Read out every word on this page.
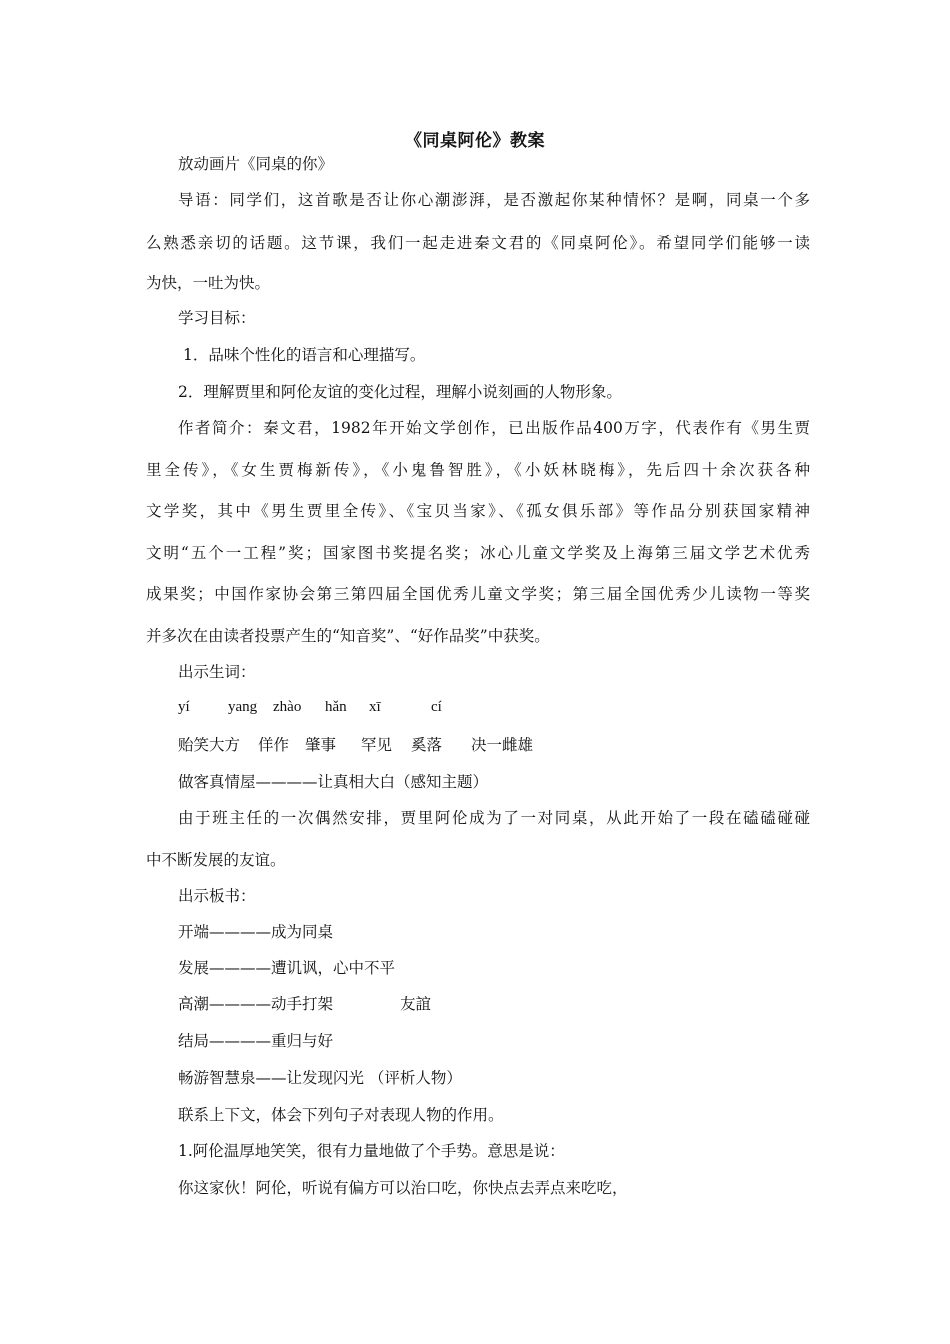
《同桌阿伦》教案
放动画片《同桌的你》
导语：同学们，这首歌是否让你心潮澎湃，是否激起你某种情怀？是啊，同桌一个多
么熟悉亲切的话题。这节课，我们一起走进秦文君的《同桌阿伦》。希望同学们能够一读
为快，一吐为快。
学习目标：
1．品味个性化的语言和心理描写。
2．理解贾里和阿伦友谊的变化过程，理解小说刻画的人物形象。
作者简介：秦文君，1982年开始文学创作，已出版作品400万字，代表作有《男生贾
里全传》，《女生贾梅新传》，《小鬼鲁智胜》，《小妖林晓梅》，先后四十余次获各种
文学奖，其中《男生贾里全传》、《宝贝当家》、《孤女俱乐部》等作品分别获国家精神
文明“五个一工程”奖；国家图书奖提名奖；冰心儿童文学奖及上海第三届文学艺术优秀
成果奖；中国作家协会第三第四届全国优秀儿童文学奖；第三届全国优秀少儿读物一等奖
并多次在由读者投票产生的“知音奖”、“好作品奖”中获奖。
出示生词：
yí	yang zhào hǎn xī	cí
贻笑大方 佯作 肇事 罕见 奚落 决一雌雄
做客真情屋————让真相大白（感知主题）
由于班主任的一次偶然安排，贾里阿伦成为了一对同桌，从此开始了一段在磕磕碰碰
中不断发展的友谊。
出示板书：
开端————成为同桌
发展————遭讥讽，心中不平
高潮————动手打架	友誼
结局————重归与好
畅游智慧泉——让发现闪光 （评析人物）
联系上下文，体会下列句子对表现人物的作用。
1.阿伦温厚地笑笑，很有力量地做了个手势。意思是说：
你这家伙！阿伦，听说有偏方可以治口吃，你快点去弄点来吃吃，
